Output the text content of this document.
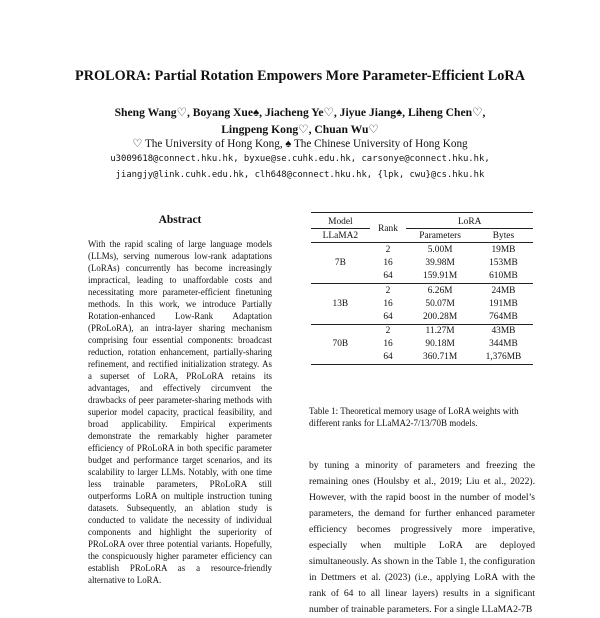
PROLORA: Partial Rotation Empowers More Parameter-Efficient LoRA
Sheng Wang♡, Boyang Xue♠, Jiacheng Ye♡, Jiyue Jiang♠, Liheng Chen♡,
Lingpeng Kong♡, Chuan Wu♡
♡ The University of Hong Kong, ♠ The Chinese University of Hong Kong
u3009618@connect.hku.hk, byxue@se.cuhk.edu.hk, carsonye@connect.hku.hk,
jiangjy@link.cuhk.edu.hk, clh648@connect.hku.hk, {lpk, cwu}@cs.hku.hk
Abstract

With the rapid scaling of large language models (LLMs), serving numerous low-rank adaptations (LoRAs) concurrently has become increasingly impractical, leading to unaffordable costs and necessitating more parameter-efficient finetuning methods. In this work, we introduce Partially Rotation-enhanced Low-Rank Adaptation (PRoLoRA), an intra-layer sharing mechanism comprising four essential components: broadcast reduction, rotation enhancement, partially-sharing refinement, and rectified initialization strategy. As a superset of LoRA, PRoLoRA retains its advantages, and effectively circumvent the drawbacks of peer parameter-sharing methods with superior model capacity, practical feasibility, and broad applicability. Empirical experiments demonstrate the remarkably higher parameter efficiency of PRoLoRA in both specific parameter budget and performance target scenarios, and its scalability to larger LLMs. Notably, with one time less trainable parameters, PRoLoRA still outperforms LoRA on multiple instruction tuning datasets. Subsequently, an ablation study is conducted to validate the necessity of individual components and highlight the superiority of PRoLoRA over three potential variants. Hopefully, the conspicuously higher parameter efficiency can establish PRoLoRA as a resource-friendly alternative to LoRA.

Model	Rank	LoRA	
LLaMA2		Parameters	Bytes
7B	2	5.00M	19MB
	16	39.98M	153MB
	64	159.91M	610MB
13B	2	6.26M	24MB
	16	50.07M	191MB
	64	200.28M	764MB
70B	2	11.27M	43MB
	16	90.18M	344MB
	64	360.71M	1,376MB
Table 1: Theoretical memory usage of LoRA weights with different ranks for LLaMA2-7/13/70B models.

by tuning a minority of parameters and freezing the remaining ones (Houlsby et al., 2019; Liu et al., 2022). However, with the rapid boost in the number of model’s parameters, the demand for further enhanced parameter efficiency becomes progressively more imperative, especially when multiple LoRA are deployed simultaneously. As shown in the Table 1, the configuration in Dettmers et al. (2023) (i.e., applying LoRA with the rank of 64 to all linear layers) results in a significant number of trainable parameters. For a single LLaMA2-7B
